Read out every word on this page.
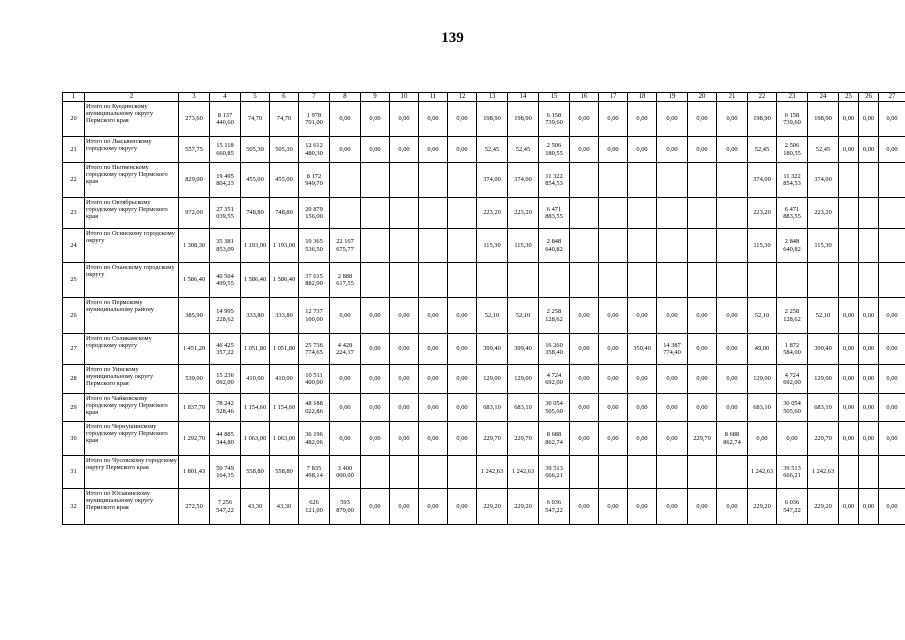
139
1	2	3	4	5	6	7	8	9	10	11	12	13	14	15	16	17	18	19	20	21	22	23	24	25	26	27
20	Итого по Куединскому муниципальному округу Пермского края	273,60	8 137 440,60	74,70	74,70	1 978 701,00	0,00	0,00	0,00	0,00	0,00	198,90	198,90	6 158 739,60	0,00	0,00	0,00	0,00	0,00	0,00	198,90	6 158 739,60	198,90	0,00	0,00	0,00
21	Итого по Лысьвенскому городскому округу	557,75	15 118 660,85	505,30	505,30	12 612 480,30	0,00	0,00	0,00	0,00	0,00	52,45	52,45	2 506 180,55	0,00	0,00	0,00	0,00	0,00	0,00	52,45	2 506 180,55	52,45	0,00	0,00	0,00
22	Итого по Нытвенскому городскому округу Пермского края	829,00	19 495 804,23	455,00	455,00	8 172 949,70						374,00	374,00	11 322 854,53							374,00	11 322 854,53	374,00			
23	Итого по Октябрьскому городскому округу Пермского края	972,00	27 351 039,55	748,80	748,80	20 879 156,00						223,20	223,20	6 471 883,55							223,20	6 471 883,55	223,20			
24	Итого по Осинскому городскому округу	1 308,30	35 381 853,09	1 193,00	1 193,00	10 365 536,50	22 167 675,77					115,30	115,30	2 848 640,82							115,30	2 848 640,82	115,30			
25	Итого по Оханскому городскому округу	1 586,40	40 504 499,55	1 586,40	1 586,40	37 615 882,00	2 888 617,55																			
26	Итого по Пермскому муниципальному району	385,90	14 995 228,62	333,80	333,80	12 737 100,00	0,00	0,00	0,00	0,00	0,00	52,10	52,10	2 258 128,62	0,00	0,00	0,00	0,00	0,00	0,00	52,10	2 258 128,62	52,10	0,00	0,00	0,00
27	Итого по Соликамскому городскому округу	1 451,20	46 425 357,22	1 051,80	1 051,80	25 736 774,65	4 428 224,17	0,00	0,00	0,00	0,00	399,40	399,40	16 260 358,40	0,00	0,00	350,40	14 387 774,40	0,00	0,00	49,00	1 872 584,00	399,40	0,00	0,00	0,00
28	Итого по Уинскому муниципальному округу Пермского края	539,00	15 236 092,00	410,00	410,00	10 511 400,00	0,00	0,00	0,00	0,00	0,00	129,00	129,00	4 724 692,00	0,00	0,00	0,00	0,00	0,00	0,00	129,00	4 724 692,00	129,00	0,00	0,00	0,00
29	Итого по Чайковскому городскому округу Пермского края	1 837,70	78 242 528,46	1 154,60	1 154,60	48 188 022,86	0,00	0,00	0,00	0,00	0,00	683,10	683,10	30 054 505,60	0,00	0,00	0,00	0,00	0,00	0,00	683,10	30 054 505,60	683,10	0,00	0,00	0,00
30	Итого по Чернушинскому городскому округу Пермского края	1 292,70	44 885 344,80	1 063,00	1 063,00	36 196 482,06	0,00	0,00	0,00	0,00	0,00	229,70	229,70	8 688 862,74	0,00	0,00	0,00	0,00	229,70	8 688 862,74	0,00	0,00	229,70	0,00	0,00	0,00
31	Итого по Чусовскому городскому округу Пермского края	1 801,43	50 749 164,35	558,80	558,80	7 835 498,14	3 400 000,00					1 242,63	1 242,63	39 513 666,21							1 242,63	39 513 666,21	1 242,63			
32	Итого по Юсьвинскому муниципальному округу Пермского края	272,50	7 256 547,22	43,30	43,30	626 121,00	593 879,00	0,00	0,00	0,00	0,00	229,20	229,20	6 036 547,22	0,00	0,00	0,00	0,00	0,00	0,00	229,20	6 036 547,22	229,20	0,00	0,00	0,00
